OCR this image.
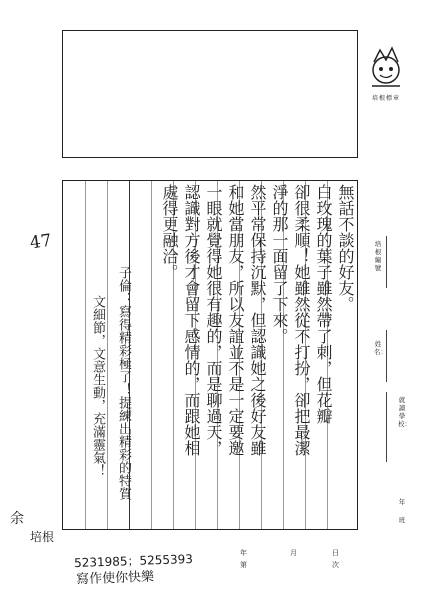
培根標章
培根編號
姓名：
就讀學校：
年
班
無話不談的好友。
白玫瑰的葉子雖然帶了刺，但花瓣
卻很柔順！她雖然從不打扮，卻把最潔
淨的那一面留了下來。
然平常保持沉默，但認識她之後好友雖
和她當朋友，所以友誼並不是一定要邀
一眼就覺得她很有趣的，而是聊過天，
認識對方後才會留下感情的，而跟她相
處得更融洽。
子倫：寫得精彩極了！提練出精彩的特質
文細節，文意生動，充滿靈氣！
47
余
培根
年	月	日
第	次
5231985；5255393
寫作使你快樂
